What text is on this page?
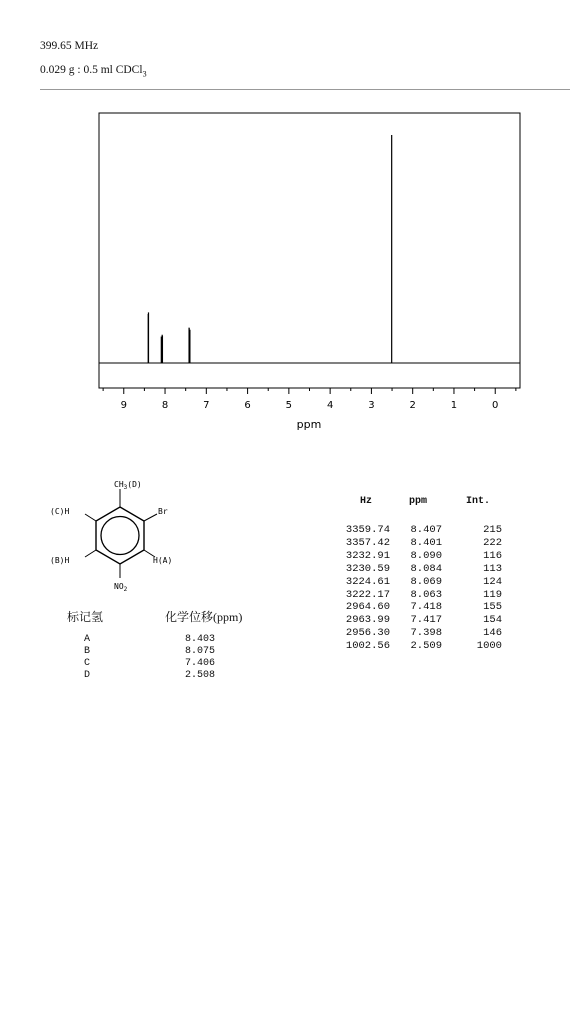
399.65 MHz
0.029 g : 0.5 ml CDCl$_3$
9	8	7	6	5	4	3	2	1	0
ppm
$CH_3(D)$
Br
(C)H
(B)H	H(A)
$NO_2$
标记氢	化学位移(ppm)
A	8.403
B	8.075
C	7.406
D	2.508
Hz	ppm	Int.
3359.74 8.407	215
3357.42 8.401	222
3232.91 8.090	116
3230.59 8.084	113
3224.61 8.069	124
3222.17 8.063	119
2964.60 7.418	155
2963.99 7.417	154
2956.30 7.398	146
1002.56 2.509	1000
